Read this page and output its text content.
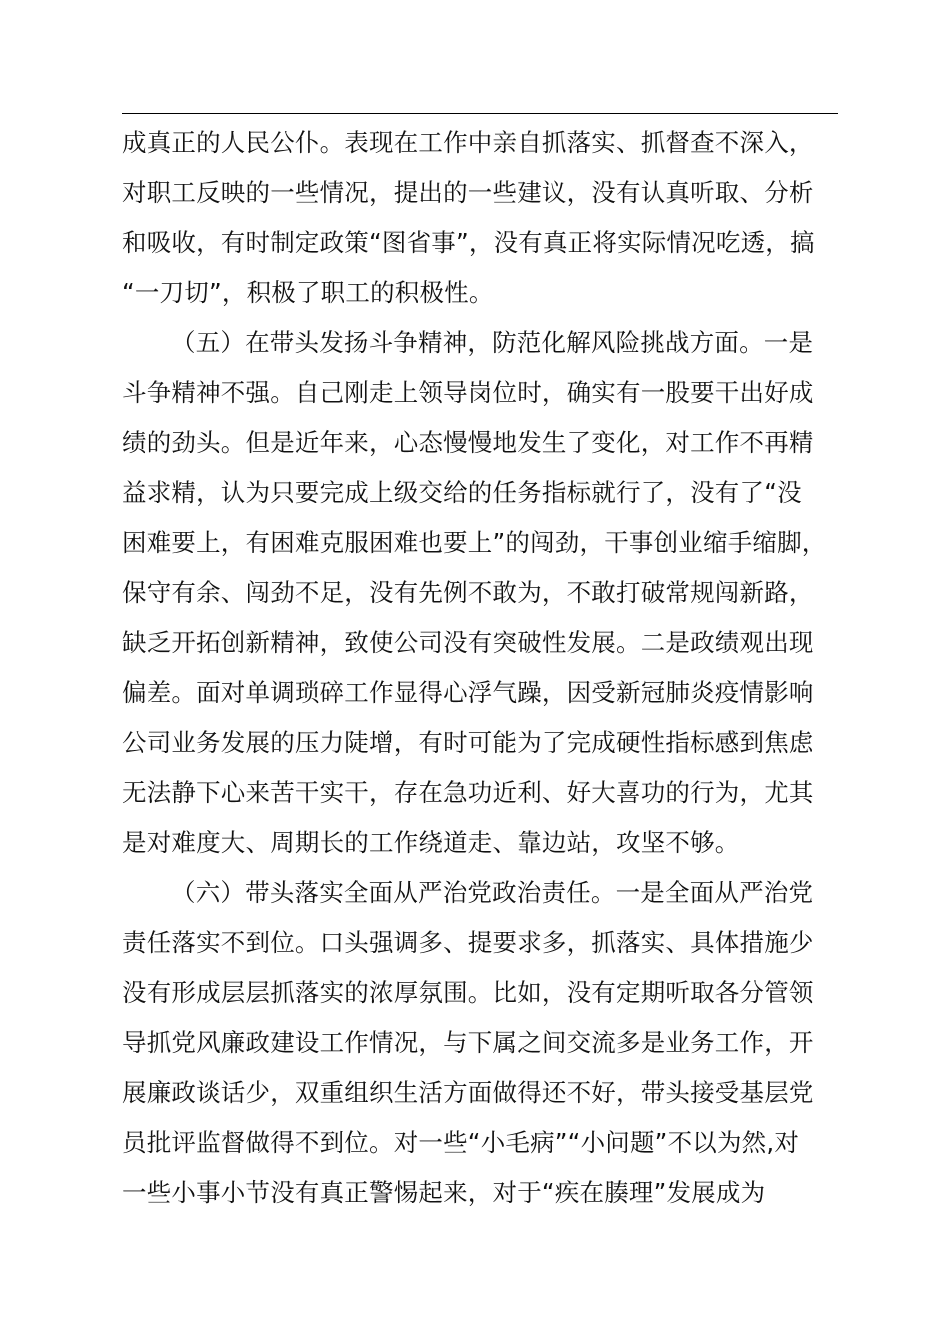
成真正的人民公仆。表现在工作中亲自抓落实、抓督查不深入，
对职工反映的一些情况，提出的一些建议，没有认真听取、分析
和吸收，有时制定政策“图省事”，没有真正将实际情况吃透，搞
“一刀切”，积极了职工的积极性。
（五）在带头发扬斗争精神，防范化解风险挑战方面。一是
斗争精神不强。自己刚走上领导岗位时，确实有一股要干出好成
绩的劲头。但是近年来，心态慢慢地发生了变化，对工作不再精
益求精，认为只要完成上级交给的任务指标就行了，没有了“没
困难要上，有困难克服困难也要上”的闯劲，干事创业缩手缩脚，
保守有余、闯劲不足，没有先例不敢为，不敢打破常规闯新路，
缺乏开拓创新精神，致使公司没有突破性发展。二是政绩观出现
偏差。面对单调琐碎工作显得心浮气躁，因受新冠肺炎疫情影响
公司业务发展的压力陡增，有时可能为了完成硬性指标感到焦虑
无法静下心来苦干实干，存在急功近利、好大喜功的行为，尤其
是对难度大、周期长的工作绕道走、靠边站，攻坚不够。
（六）带头落实全面从严治党政治责任。一是全面从严治党
责任落实不到位。口头强调多、提要求多，抓落实、具体措施少
没有形成层层抓落实的浓厚氛围。比如，没有定期听取各分管领
导抓党风廉政建设工作情况，与下属之间交流多是业务工作，开
展廉政谈话少，双重组织生活方面做得还不好，带头接受基层党
员批评监督做得不到位。对一些“小毛病”“小问题”不以为然,对
一些小事小节没有真正警惕起来，对于“疾在腠理”发展成为
